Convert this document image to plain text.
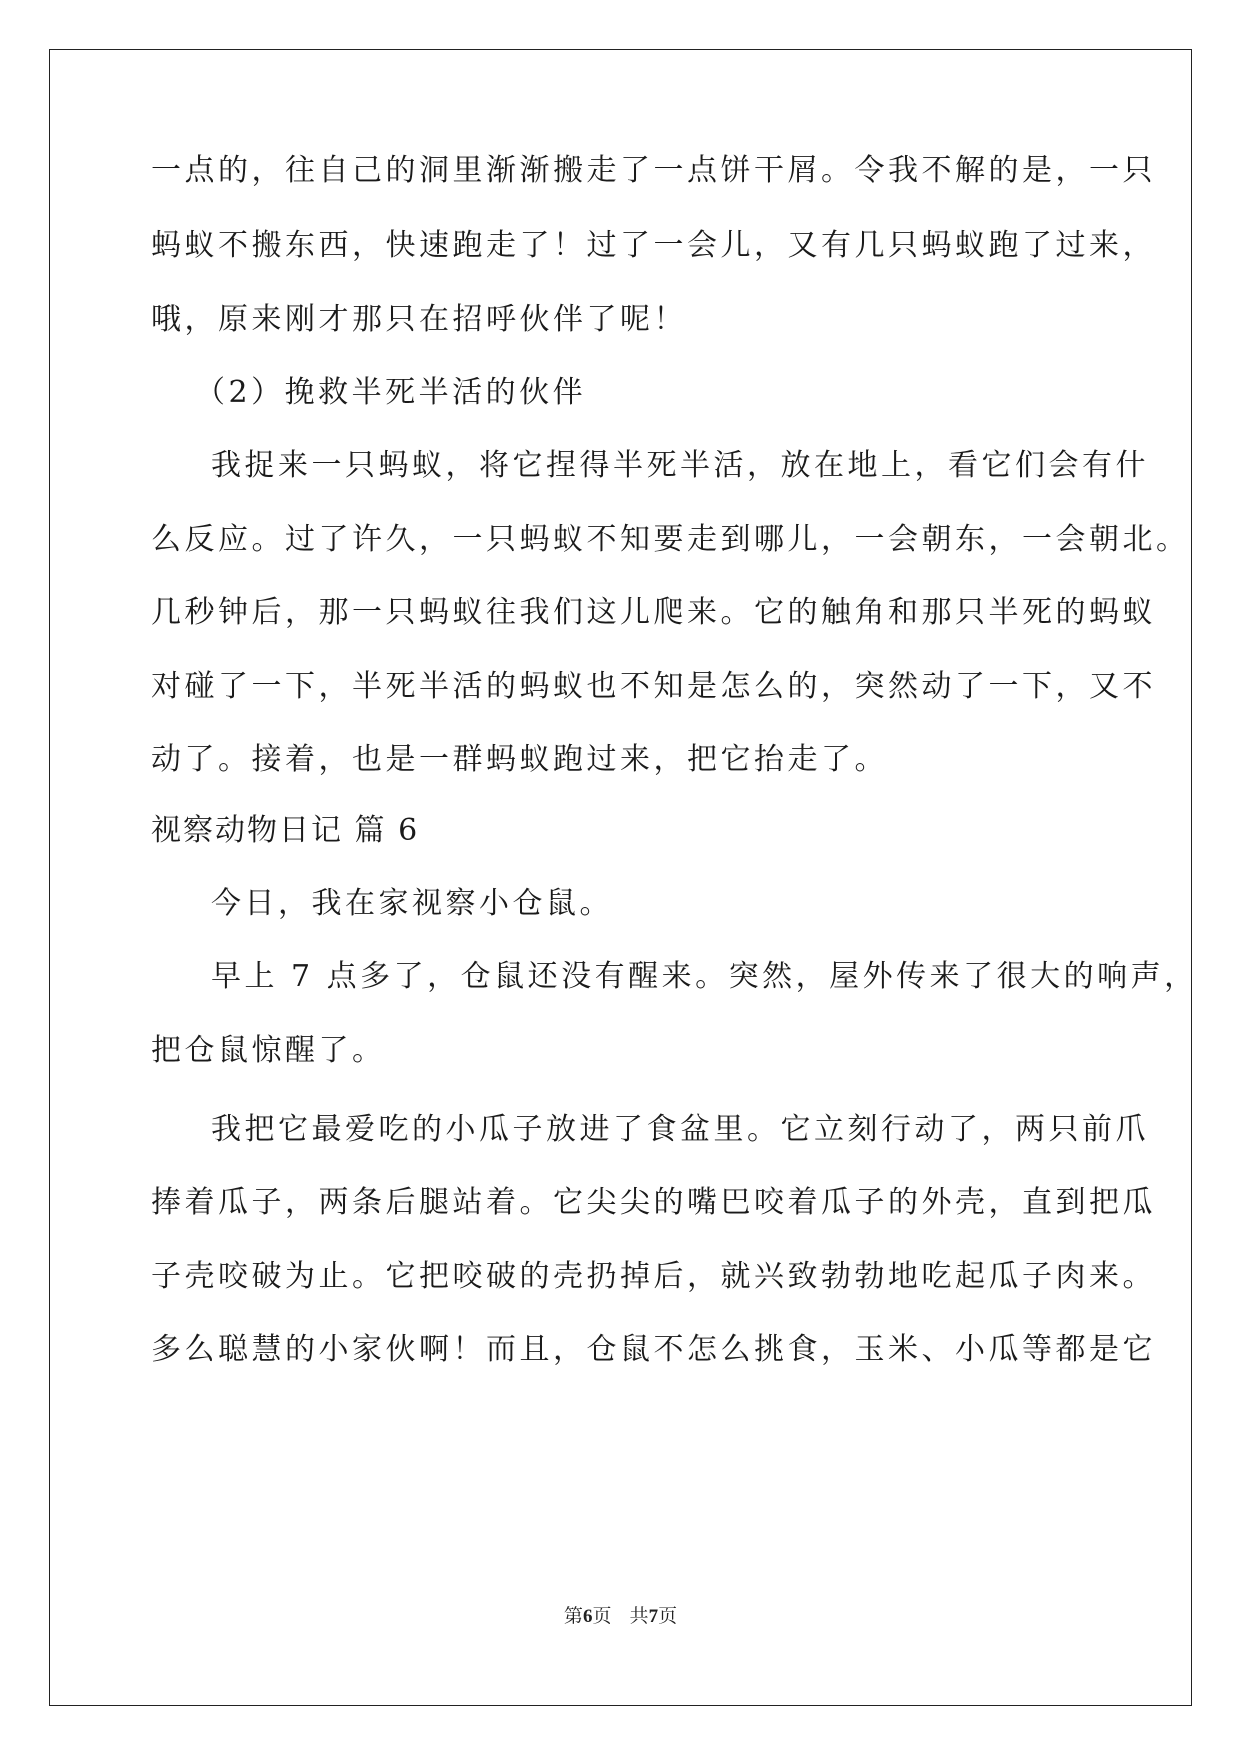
一点的，往自己的洞里渐渐搬走了一点饼干屑。令我不解的是，一只
蚂蚁不搬东西，快速跑走了！过了一会儿，又有几只蚂蚁跑了过来，
哦，原来刚才那只在招呼伙伴了呢！
（2）挽救半死半活的伙伴
我捉来一只蚂蚁，将它捏得半死半活，放在地上，看它们会有什
么反应。过了许久，一只蚂蚁不知要走到哪儿，一会朝东，一会朝北。
几秒钟后，那一只蚂蚁往我们这儿爬来。它的触角和那只半死的蚂蚁
对碰了一下，半死半活的蚂蚁也不知是怎么的，突然动了一下，又不
动了。接着，也是一群蚂蚁跑过来，把它抬走了。
视察动物日记 篇 6
今日，我在家视察小仓鼠。
早上 7 点多了，仓鼠还没有醒来。突然，屋外传来了很大的响声，
把仓鼠惊醒了。
我把它最爱吃的小瓜子放进了食盆里。它立刻行动了，两只前爪
捧着瓜子，两条后腿站着。它尖尖的嘴巴咬着瓜子的外壳，直到把瓜
子壳咬破为止。它把咬破的壳扔掉后，就兴致勃勃地吃起瓜子肉来。
多么聪慧的小家伙啊！而且，仓鼠不怎么挑食，玉米、小瓜等都是它
第6页   共7页
